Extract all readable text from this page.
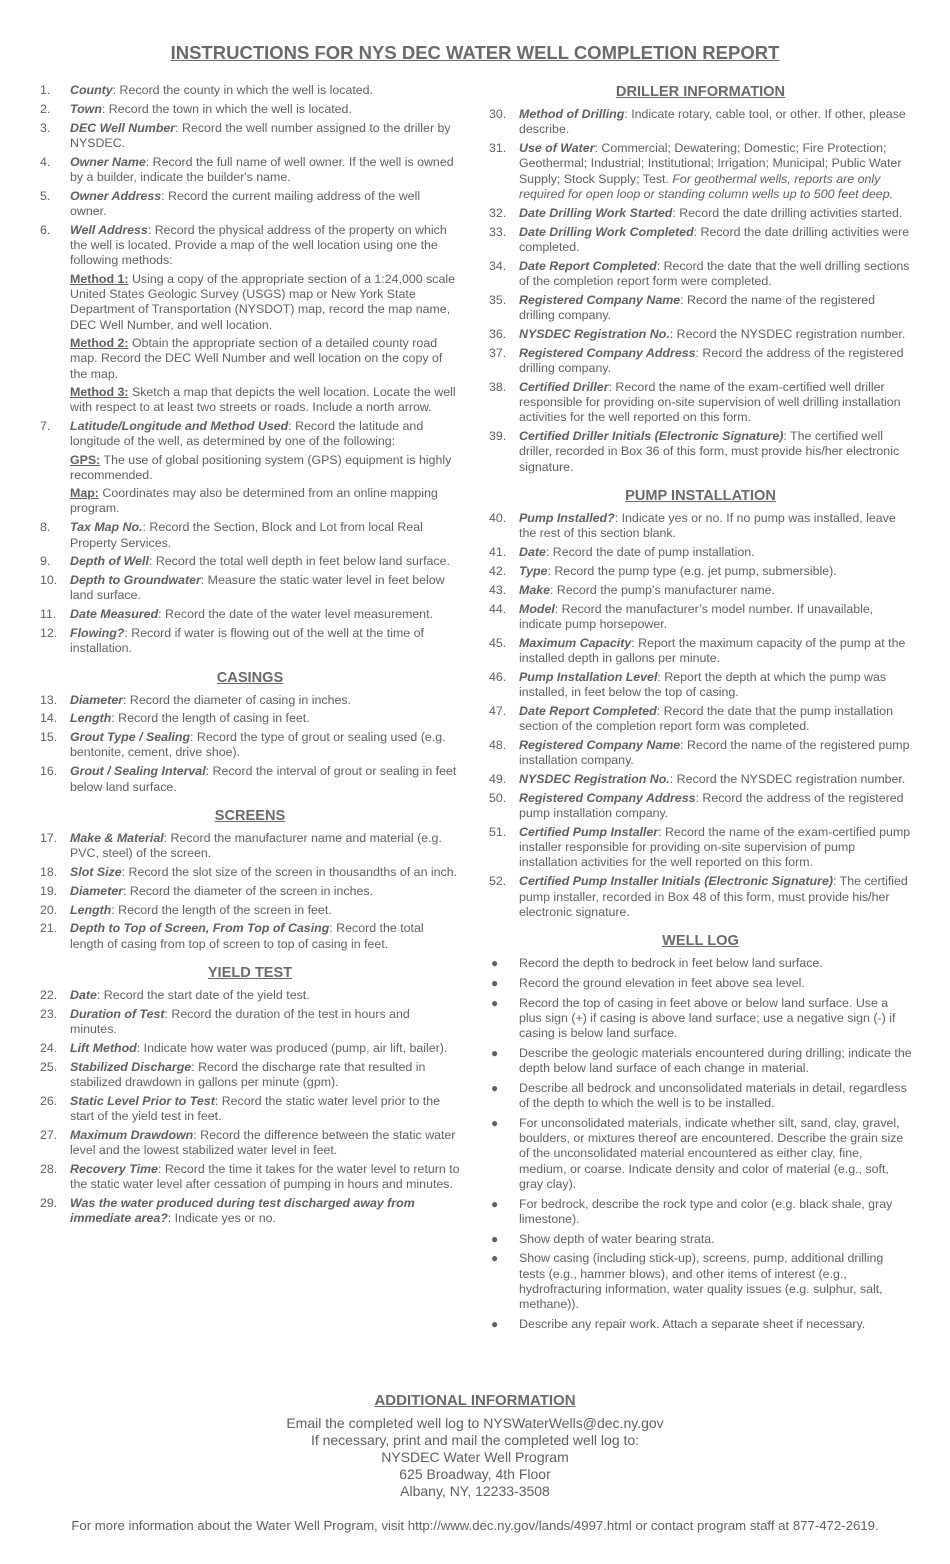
INSTRUCTIONS FOR NYS DEC WATER WELL COMPLETION REPORT
1. County: Record the county in which the well is located.
2. Town: Record the town in which the well is located.
3. DEC Well Number: Record the well number assigned to the driller by NYSDEC.
4. Owner Name: Record the full name of well owner. If the well is owned by a builder, indicate the builder's name.
5. Owner Address: Record the current mailing address of the well owner.
6. Well Address: Record the physical address of the property on which the well is located. Provide a map of the well location using one the following methods:
Method 1: Using a copy of the appropriate section of a 1:24,000 scale United States Geologic Survey (USGS) map or New York State Department of Transportation (NYSDOT) map, record the map name, DEC Well Number, and well location.
Method 2: Obtain the appropriate section of a detailed county road map. Record the DEC Well Number and well location on the copy of the map.
Method 3: Sketch a map that depicts the well location. Locate the well with respect to at least two streets or roads. Include a north arrow.
7. Latitude/Longitude and Method Used: Record the latitude and longitude of the well, as determined by one of the following:
GPS: The use of global positioning system (GPS) equipment is highly recommended.
Map: Coordinates may also be determined from an online mapping program.
8. Tax Map No.: Record the Section, Block and Lot from local Real Property Services.
9. Depth of Well: Record the total well depth in feet below land surface.
10. Depth to Groundwater: Measure the static water level in feet below land surface.
11. Date Measured: Record the date of the water level measurement.
12. Flowing?: Record if water is flowing out of the well at the time of installation.
CASINGS
13. Diameter: Record the diameter of casing in inches.
14. Length: Record the length of casing in feet.
15. Grout Type / Sealing: Record the type of grout or sealing used (e.g. bentonite, cement, drive shoe).
16. Grout / Sealing Interval: Record the interval of grout or sealing in feet below land surface.
SCREENS
17. Make & Material: Record the manufacturer name and material (e.g. PVC, steel) of the screen.
18. Slot Size: Record the slot size of the screen in thousandths of an inch.
19. Diameter: Record the diameter of the screen in inches.
20. Length: Record the length of the screen in feet.
21. Depth to Top of Screen, From Top of Casing: Record the total length of casing from top of screen to top of casing in feet.
YIELD TEST
22. Date: Record the start date of the yield test.
23. Duration of Test: Record the duration of the test in hours and minutes.
24. Lift Method: Indicate how water was produced (pump, air lift, bailer).
25. Stabilized Discharge: Record the discharge rate that resulted in stabilized drawdown in gallons per minute (gpm).
26. Static Level Prior to Test: Record the static water level prior to the start of the yield test in feet.
27. Maximum Drawdown: Record the difference between the static water level and the lowest stabilized water level in feet.
28. Recovery Time: Record the time it takes for the water level to return to the static water level after cessation of pumping in hours and minutes.
29. Was the water produced during test discharged away from immediate area?: Indicate yes or no.
DRILLER INFORMATION
30. Method of Drilling: Indicate rotary, cable tool, or other. If other, please describe.
31. Use of Water: Commercial; Dewatering; Domestic; Fire Protection; Geothermal; Industrial; Institutional; Irrigation; Municipal; Public Water Supply; Stock Supply; Test. For geothermal wells, reports are only required for open loop or standing column wells up to 500 feet deep.
32. Date Drilling Work Started: Record the date drilling activities started.
33. Date Drilling Work Completed: Record the date drilling activities were completed.
34. Date Report Completed: Record the date that the well drilling sections of the completion report form were completed.
35. Registered Company Name: Record the name of the registered drilling company.
36. NYSDEC Registration No.: Record the NYSDEC registration number.
37. Registered Company Address: Record the address of the registered drilling company.
38. Certified Driller: Record the name of the exam-certified well driller responsible for providing on-site supervision of well drilling installation activities for the well reported on this form.
39. Certified Driller Initials (Electronic Signature): The certified well driller, recorded in Box 36 of this form, must provide his/her electronic signature.
PUMP INSTALLATION
40. Pump Installed?: Indicate yes or no. If no pump was installed, leave the rest of this section blank.
41. Date: Record the date of pump installation.
42. Type: Record the pump type (e.g. jet pump, submersible).
43. Make: Record the pump’s manufacturer name.
44. Model: Record the manufacturer’s model number. If unavailable, indicate pump horsepower.
45. Maximum Capacity: Report the maximum capacity of the pump at the installed depth in gallons per minute.
46. Pump Installation Level: Report the depth at which the pump was installed, in feet below the top of casing.
47. Date Report Completed: Record the date that the pump installation section of the completion report form was completed.
48. Registered Company Name: Record the name of the registered pump installation company.
49. NYSDEC Registration No.: Record the NYSDEC registration number.
50. Registered Company Address: Record the address of the registered pump installation company.
51. Certified Pump Installer: Record the name of the exam-certified pump installer responsible for providing on-site supervision of pump installation activities for the well reported on this form.
52. Certified Pump Installer Initials (Electronic Signature): The certified pump installer, recorded in Box 48 of this form, must provide his/her electronic signature.
WELL LOG
● Record the depth to bedrock in feet below land surface.
● Record the ground elevation in feet above sea level.
● Record the top of casing in feet above or below land surface. Use a plus sign (+) if casing is above land surface; use a negative sign (-) if casing is below land surface.
● Describe the geologic materials encountered during drilling; indicate the depth below land surface of each change in material.
● Describe all bedrock and unconsolidated materials in detail, regardless of the depth to which the well is to be installed.
● For unconsolidated materials, indicate whether silt, sand, clay, gravel, boulders, or mixtures thereof are encountered. Describe the grain size of the unconsolidated material encountered as either clay, fine, medium, or coarse. Indicate density and color of material (e.g., soft, gray clay).
● For bedrock, describe the rock type and color (e.g. black shale, gray limestone).
● Show depth of water bearing strata.
● Show casing (including stick-up), screens, pump, additional drilling tests (e.g., hammer blows), and other items of interest (e.g., hydrofracturing information, water quality issues (e.g. sulphur, salt, methane)).
● Describe any repair work. Attach a separate sheet if necessary.
ADDITIONAL INFORMATION
Email the completed well log to NYSWaterWells@dec.ny.gov
If necessary, print and mail the completed well log to:
NYSDEC Water Well Program
625 Broadway, 4th Floor
Albany, NY, 12233-3508
For more information about the Water Well Program, visit http://www.dec.ny.gov/lands/4997.html or contact program staff at 877-472-2619.
